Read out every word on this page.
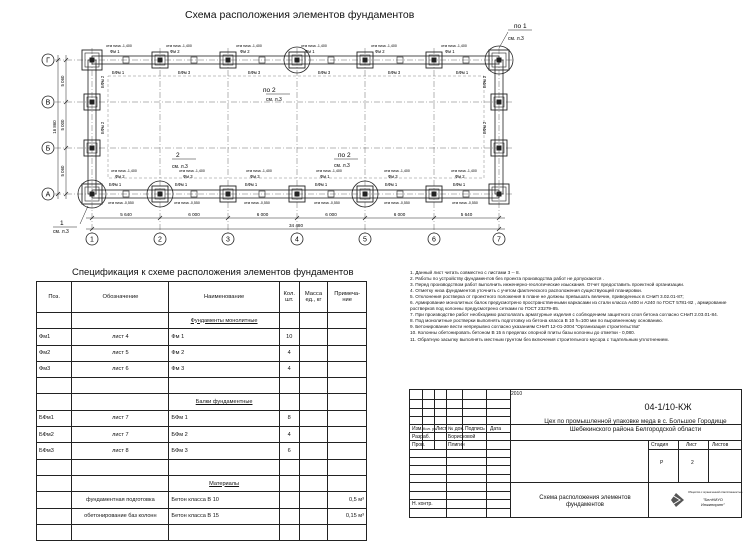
Схема расположения элементов фундаментов
по 1
см. л.3
1
см. л.3
2
см. л.3
по 2
см. л.3
по 2
см. л.3
Фм 1
отм низа -1,400
Фм 2
отм низа -1,400
Фм 2
отм низа -1,400
Фм 1
отм низа -1,400
Фм 2
отм низа -1,400
Фм 1
отм низа -1,400
БФм 1
БФм 1
отм низа -0,550
БФм 3
БФм 1
отм низа -0,550
БФм 3
БФм 1
отм низа -0,550
БФм 3
БФм 1
отм низа -0,550
БФм 3
БФм 1
отм низа -0,550
БФм 1
БФм 1
отм низа -0,550
Фм 2
отм низа -1,400
Фм 3
отм низа -1,400
Фм 3
отм низа -1,400
Фм 1
отм низа -1,400
Фм 3
отм низа -1,400
Фм 2
отм низа -1,400
БФм 2
БФм 2
БФм 2
БФм 2
Г
В
Б
А
1	2	3	4	5	6	7
5 640	6 000	6 000	6 000	6 000	5 640
34 480
5 060
5 000
5 060
16 860
Спецификация к схеме расположения элементов фундаментов
Поз.	Обозначение	Наименование	Кол. шт.	Масса ед., кг	Примеча-ние
		Фундаменты монолитные			
Фм1	лист 4	Фм 1	10		
Фм2	лист 5	Фм 2	4		
Фм3	лист 6	Фм 3	4		

		Балки фундаментные			
БФм1	лист 7	БФм 1	8		
БФм2	лист 7	БФм 2	4		
БФм3	лист 8	БФм 3	6		

		Материалы			
	фундаментная подготовка	Бетон класса В 10			0,5 м³
	обетонирование баз колонн	Бетон класса В 15			0,15 м³

1. Данный лист читать совместно с листами 3 -- 8.

2. Работы по устройству фундаментов без проекта производства работ не допускаются .

3. Перед производством работ выполнить инженерно-геологические изыскания. Отчет предоставить проектной организации.

4. Отметку низа фундаментов уточнить с учетом фактического расположения существующей планировки.

5. Отклонения ростверка от проектного положения в плане не должны превышать величин, приведенных в СНиП 3.02.01-87;

6. Армирование монолитных балок предусмотрено пространственными каркасами из стали класса А400 и А240 по ГОСТ 5781-82 , армирование ростверков под колонны предусмотрено сетками по ГОСТ 23279-85.

7. При производстве работ необходимо располагать арматурные изделия с соблюдением защитного слоя бетона согласно СНиП 2.03.01-84.

8. Под монолитные ростверки выполнять подготовку из бетона класса В 10 h=100 мм по выровненному основанию.

9. Бетонирование вести непрерывно согласно указаниям СНиП 12-01-2004 "Организация строительства"

10. Колонны обетонировать бетоном В 15 в пределах опорной плиты базы колонны до отметки - 0,080.

11. Обратную засыпку выполнять местным грунтом без включения строительного мусора с тщательным уплотнением.

2010
04-1/10-КЖ
Цех по промышленной упаковке меда в с. Большое Городище Шебекинского района Белгородской области
Изм. Кол. уч.
Лист № док. Подпись Дата
Разраб.	Борисковой
Пров.	Плигин
Н. контр.
Стадия	Лист	Листов
Р	2
Схема расположения элементов фундаментов
Общество с ограниченной ответственностью
"БелНИУО Инжиниринг"
